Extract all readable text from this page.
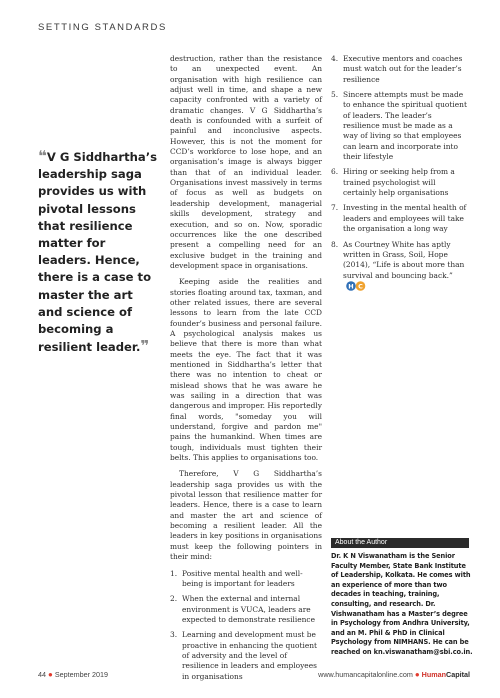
SETTING STANDARDS
❝V G Siddhartha’s leadership saga provides us with pivotal lessons that resilience matter for leaders. Hence, there is a case to master the art and science of becoming a resilient leader.❞

destruction, rather than the resistance to an unexpected event. An organisation with high resilience can adjust well in time, and shape a new capacity confronted with a variety of dramatic changes. V G Siddhartha’s death is confounded with a surfeit of painful and inconclusive aspects. However, this is not the moment for CCD’s workforce to lose hope, and an organisation’s image is always bigger than that of an individual leader. Organisations invest massively in terms of focus as well as budgets on leadership development, managerial skills development, strategy and execution, and so on. Now, sporadic occurrences like the one described present a compelling need for an exclusive budget in the training and development space in organisations.

Keeping aside the realities and stories floating around tax, taxman, and other related issues, there are several lessons to learn from the late CCD founder’s business and personal failure. A psychological analysis makes us believe that there is more than what meets the eye. The fact that it was mentioned in Siddhartha’s letter that there was no intention to cheat or mislead shows that he was aware he was sailing in a direction that was dangerous and improper. His reportedly final words, "someday you will understand, forgive and pardon me" pains the humankind. When times are tough, individuals must tighten their belts. This applies to organisations too.

Therefore, V G Siddhartha’s leadership saga provides us with the pivotal lesson that resilience matter for leaders. Hence, there is a case to learn and master the art and science of becoming a resilient leader. All the leaders in key positions in organisations must keep the following pointers in their mind:

1. Positive mental health and well-being is important for leaders
2. When the external and internal environment is VUCA, leaders are expected to demonstrate resilience
3. Learning and development must be proactive in enhancing the quotient of adversity and the level of resilience in leaders and employees in organisations
4. Executive mentors and coaches must watch out for the leader’s resilience
5. Sincere attempts must be made to enhance the spiritual quotient of leaders. The leader’s resilience must be made as a way of living so that employees can learn and incorporate into their lifestyle
6. Hiring or seeking help from a trained psychologist will certainly help organisations
7. Investing in the mental health of leaders and employees will take the organisation a long way
8. As Courtney White has aptly written in Grass, Soil, Hope (2014), “Life is about more than survival and bouncing back.”
H C
About the Author
Dr. K N Viswanatham is the Senior Faculty Member, State Bank Institute of Leadership, Kolkata. He comes with an experience of more than two decades in teaching, training, consulting, and research. Dr. Vishwanatham has a Master’s degree in Psychology from Andhra University, and an M. Phil & PhD in Clinical Psychology from NIMHANS. He can be reached on kn.viswanatham@sbi.co.in.
44 ● September 2019	www.humancapitalonline.com ● HumanCapital
